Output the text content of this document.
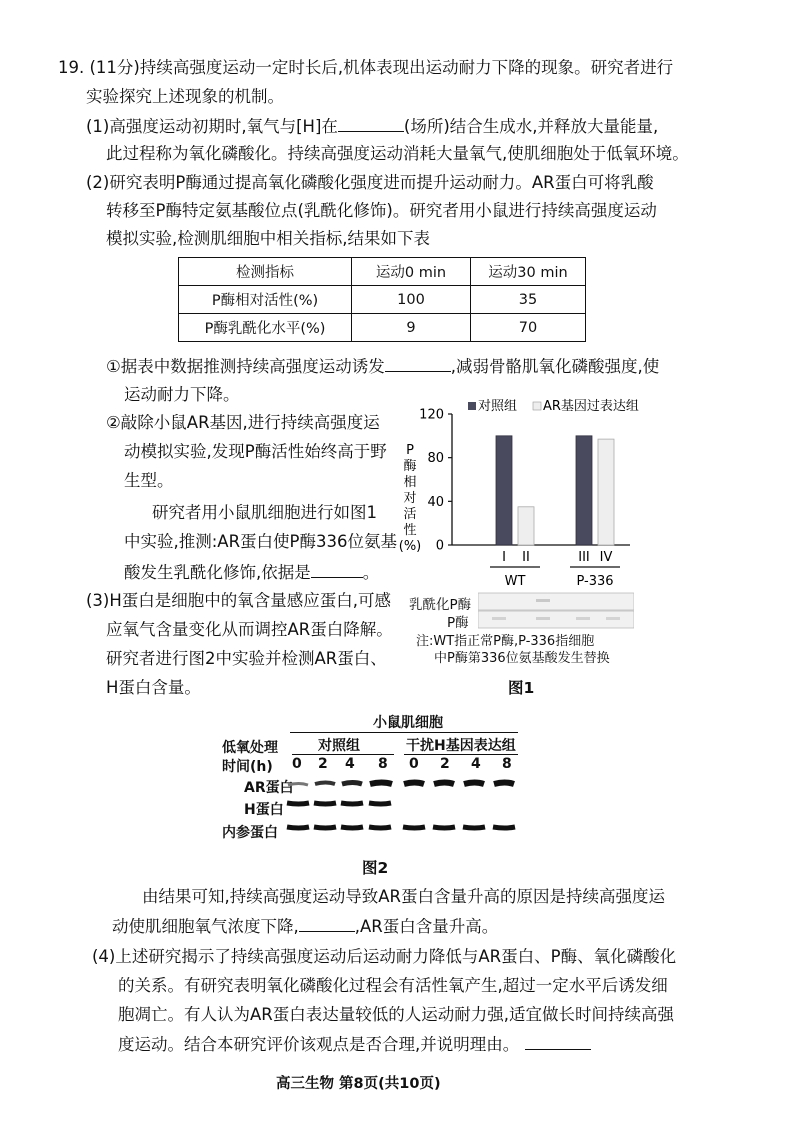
19. (11分)持续高强度运动一定时长后,机体表现出运动耐力下降的现象。研究者进行
实验探究上述现象的机制。
(1)高强度运动初期时,氧气与[H]在	(场所)结合生成水,并释放大量能量,
此过程称为氧化磷酸化。持续高强度运动消耗大量氧气,使肌细胞处于低氧环境。
(2)研究表明P酶通过提高氧化磷酸化强度进而提升运动耐力。AR蛋白可将乳酸
转移至P酶特定氨基酸位点(乳酰化修饰)。研究者用小鼠进行持续高强度运动
模拟实验,检测肌细胞中相关指标,结果如下表
检测指标	运动0 min	运动30 min
P酶相对活性(%)	100	35
P酶乳酰化水平(%)	9	70
①据表中数据推测持续高强度运动诱发	,减弱骨骼肌氧化磷酸强度,使
运动耐力下降。
②敲除小鼠AR基因,进行持续高强度运
动模拟实验,发现P酶活性始终高于野
生型。
研究者用小鼠肌细胞进行如图1
中实验,推测:AR蛋白使P酶336位氨基
酸发生乳酰化修饰,依据是	。
(3)H蛋白是细胞中的氧含量感应蛋白,可感
应氧气含量变化从而调控AR蛋白降解。
研究者进行图2中实验并检测AR蛋白、
H蛋白含量。
P
酶
相
对
活
性
(%) 0
40
80
120
对照组 AR基因过表达组
I II	III IV
WT	P-336
乳酰化P酶
P酶
注:WT指正常P酶,P-336指细胞
中P酶第336位氨基酸发生替换
图1
小鼠肌细胞
低氧处理	对照组	干扰H基因表达组
时间(h) 0 2 4 8 0 2 4 8
AR蛋白
H蛋白
内参蛋白
图2
由结果可知,持续高强度运动导致AR蛋白含量升高的原因是持续高强度运
动使肌细胞氧气浓度下降,	,AR蛋白含量升高。
(4)上述研究揭示了持续高强度运动后运动耐力降低与AR蛋白、P酶、氧化磷酸化
的关系。有研究表明氧化磷酸化过程会有活性氧产生,超过一定水平后诱发细
胞凋亡。有人认为AR蛋白表达量较低的人运动耐力强,适宜做长时间持续高强
度运动。结合本研究评价该观点是否合理,并说明理由。
高三生物 第8页(共10页)
